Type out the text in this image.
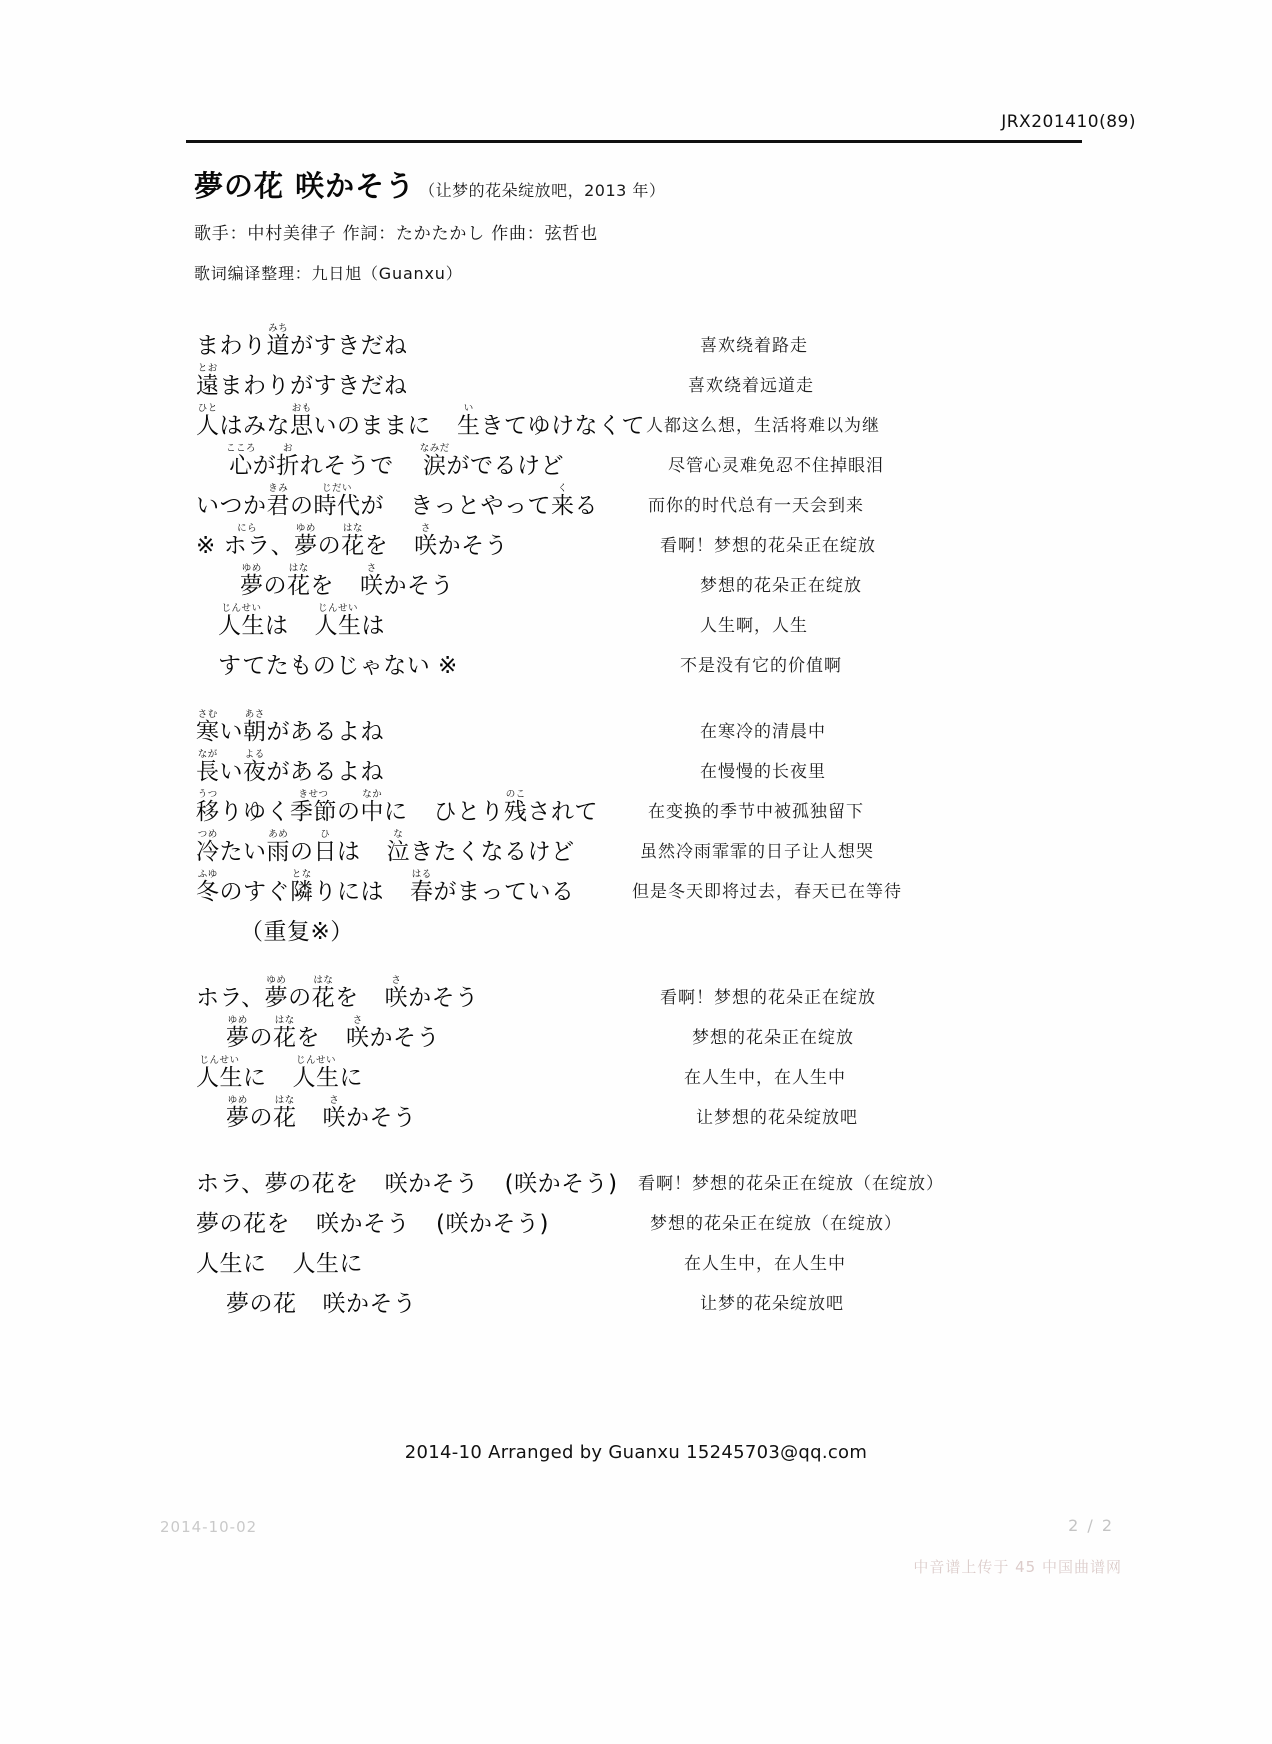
JRX201410(89)
夢の花 咲かそう （让梦的花朵绽放吧，2013 年）
歌手：中村美律子 作詞：たかたかし 作曲：弦哲也
歌词编译整理：九日旭（Guanxu）
まわり道みちがすきだね	喜欢绕着路走
遠とおまわりがすきだね	喜欢绕着远道走
人ひとはみな思おもいのままに 生いきてゆけなくて 人都这么想，生活将难以为继
心こころが折おれそうで 涙なみだがでるけど	尽管心灵难免忍不住掉眼泪
いつか君きみの時代じだいが きっとやって来くる	而你的时代总有一天会到来
※ ホラにら、夢ゆめの花はなを 咲さかそう	看啊！梦想的花朵正在绽放
夢ゆめの花はなを 咲さかそう	梦想的花朵正在绽放
人生じんせいは 人生じんせいは	人生啊，人生
すてたものじゃない ※	不是没有它的价值啊
寒さむい朝あさがあるよね	在寒冷的清晨中
長ながい夜よるがあるよね	在慢慢的长夜里
移うつりゆく季節きせつの中なかに ひとり残のこされて	在变换的季节中被孤独留下
冷つめたい雨あめの日ひは 泣なきたくなるけど	虽然冷雨霏霏的日子让人想哭
冬ふゆのすぐ隣となりには 春はるがまっている	但是冬天即将过去，春天已在等待
（重复※）
ホラ、夢ゆめの花はなを 咲さかそう	看啊！梦想的花朵正在绽放
夢ゆめの花はなを 咲さかそう	梦想的花朵正在绽放
人生じんせいに 人生じんせいに	在人生中，在人生中
夢ゆめの花はな咲さかそう	让梦想的花朵绽放吧
ホラ、夢の花を 咲かそう (咲かそう) 看啊！梦想的花朵正在绽放（在绽放）
夢の花を 咲かそう (咲かそう)	梦想的花朵正在绽放（在绽放）
人生に 人生に	在人生中，在人生中
夢の花 咲かそう	让梦的花朵绽放吧
2014-10 Arranged by Guanxu 15245703@qq.com
2014-10-02	2 / 2
中音谱上传于 45 中国曲谱网
